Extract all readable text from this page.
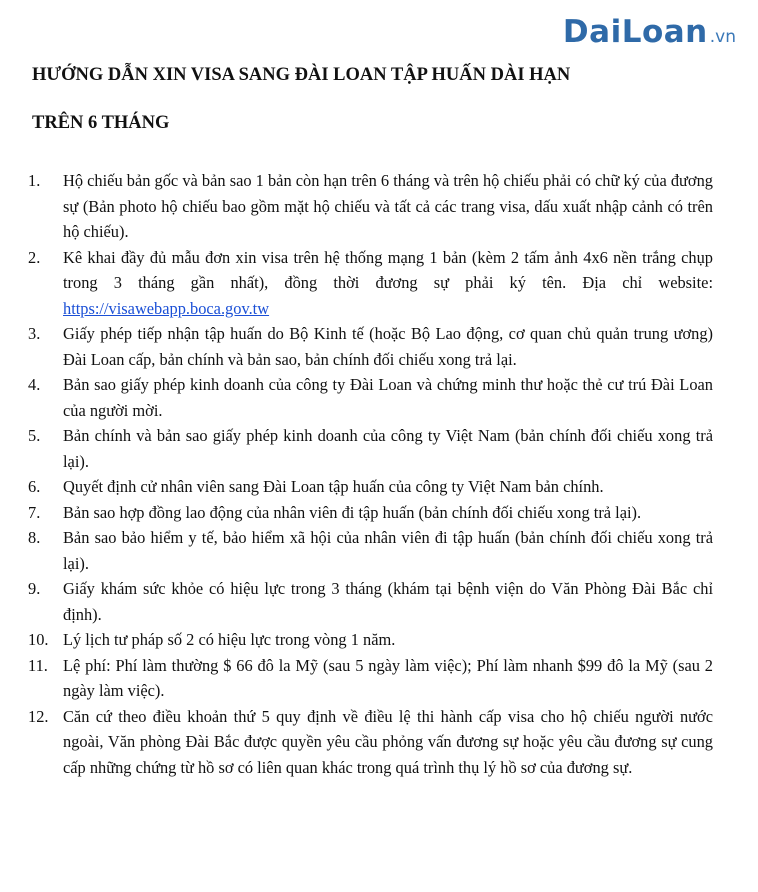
DaiLoan .vn
HƯỚNG DẪN XIN VISA SANG ĐÀI LOAN TẬP HUẤN DÀI HẠN
TRÊN 6 THÁNG
1.	Hộ chiếu bản gốc và bản sao 1 bản còn hạn trên 6 tháng và trên hộ chiếu phải có chữ ký của đương sự (Bản photo hộ chiếu bao gồm mặt hộ chiếu và tất cả các trang visa, dấu xuất nhập cảnh có trên hộ chiếu).
2.	Kê khai đầy đủ mẫu đơn xin visa trên hệ thống mạng 1 bản (kèm 2 tấm ảnh 4x6 nền trắng chụp trong 3 tháng gần nhất), đồng thời đương sự phải ký tên. Địa chỉ website: https://visawebapp.boca.gov.tw
3.	Giấy phép tiếp nhận tập huấn do Bộ Kinh tế (hoặc Bộ Lao động, cơ quan chủ quản trung ương) Đài Loan cấp, bản chính và bản sao, bản chính đối chiếu xong trả lại.
4.	Bản sao giấy phép kinh doanh của công ty Đài Loan và chứng minh thư hoặc thẻ cư trú Đài Loan của người mời.
5.	Bản chính và bản sao giấy phép kinh doanh của công ty Việt Nam (bản chính đối chiếu xong trả lại).
6.	Quyết định cử nhân viên sang Đài Loan tập huấn của công ty Việt Nam bản chính.
7.	Bản sao hợp đồng lao động của nhân viên đi tập huấn (bản chính đối chiếu xong trả lại).
8.	Bản sao bảo hiểm y tế, bảo hiểm xã hội của nhân viên đi tập huấn (bản chính đối chiếu xong trả lại).
9.	Giấy khám sức khỏe có hiệu lực trong 3 tháng (khám tại bệnh viện do Văn Phòng Đài Bắc chỉ định).
10. Lý lịch tư pháp số 2 có hiệu lực trong vòng 1 năm.
11. Lệ phí: Phí làm thường $ 66 đô la Mỹ (sau 5 ngày làm việc); Phí làm nhanh $99 đô la Mỹ (sau 2 ngày làm việc).
12. Căn cứ theo điều khoản thứ 5 quy định về điều lệ thi hành cấp visa cho hộ chiếu người nước ngoài, Văn phòng Đài Bắc được quyền yêu cầu phỏng vấn đương sự hoặc yêu cầu đương sự cung cấp những chứng từ hồ sơ có liên quan khác trong quá trình thụ lý hồ sơ của đương sự.
